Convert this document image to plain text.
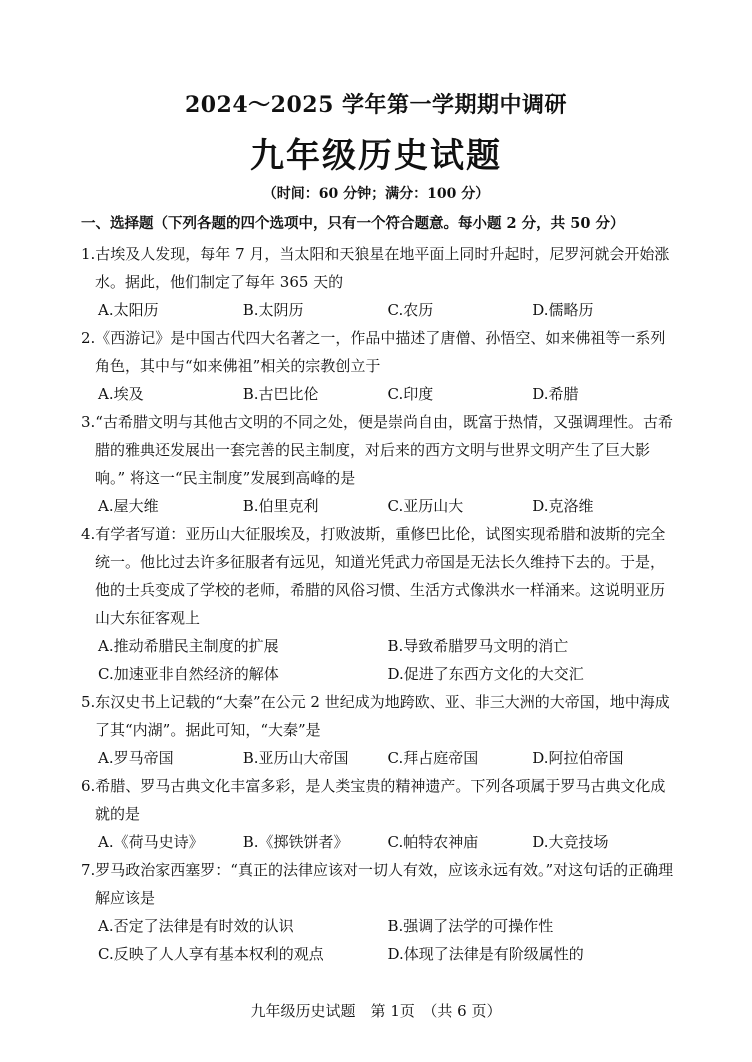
2024～2025 学年第一学期期中调研
九年级历史试题
（时间：60 分钟；满分：100 分）
一、选择题（下列各题的四个选项中，只有一个符合题意。每小题 2 分，共 50 分）
1.古埃及人发现，每年 7 月，当太阳和天狼星在地平面上同时升起时，尼罗河就会开始涨水。据此，他们制定了每年 365 天的
A.太阳历	B.太阴历	C.农历	D.儒略历
2.《西游记》是中国古代四大名著之一，作品中描述了唐僧、孙悟空、如来佛祖等一系列角色，其中与“如来佛祖”相关的宗教创立于
A.埃及	B.古巴比伦	C.印度	D.希腊
3.“古希腊文明与其他古文明的不同之处，便是崇尚自由，既富于热情，又强调理性。古希腊的雅典还发展出一套完善的民主制度，对后来的西方文明与世界文明产生了巨大影响。” 将这一“民主制度”发展到高峰的是
A.屋大维	B.伯里克利	C.亚历山大	D.克洛维
4.有学者写道：亚历山大征服埃及，打败波斯，重修巴比伦，试图实现希腊和波斯的完全统一。他比过去许多征服者有远见，知道光凭武力帝国是无法长久维持下去的。于是，他的士兵变成了学校的老师，希腊的风俗习惯、生活方式像洪水一样涌来。这说明亚历山大东征客观上
A.推动希腊民主制度的扩展	B.导致希腊罗马文明的消亡
C.加速亚非自然经济的解体	D.促进了东西方文化的大交汇
5.东汉史书上记载的“大秦”在公元 2 世纪成为地跨欧、亚、非三大洲的大帝国，地中海成了其“内湖”。据此可知，“大秦”是
A.罗马帝国	B.亚历山大帝国	C.拜占庭帝国	D.阿拉伯帝国
6.希腊、罗马古典文化丰富多彩，是人类宝贵的精神遗产。下列各项属于罗马古典文化成就的是
A.《荷马史诗》	B.《掷铁饼者》	C.帕特农神庙	D.大竞技场
7.罗马政治家西塞罗：“真正的法律应该对一切人有效，应该永远有效。”对这句话的正确理解应该是
A.否定了法律是有时效的认识	B.强调了法学的可操作性
C.反映了人人享有基本权利的观点	D.体现了法律是有阶级属性的
九年级历史试题　第 1页　（共 6 页）
